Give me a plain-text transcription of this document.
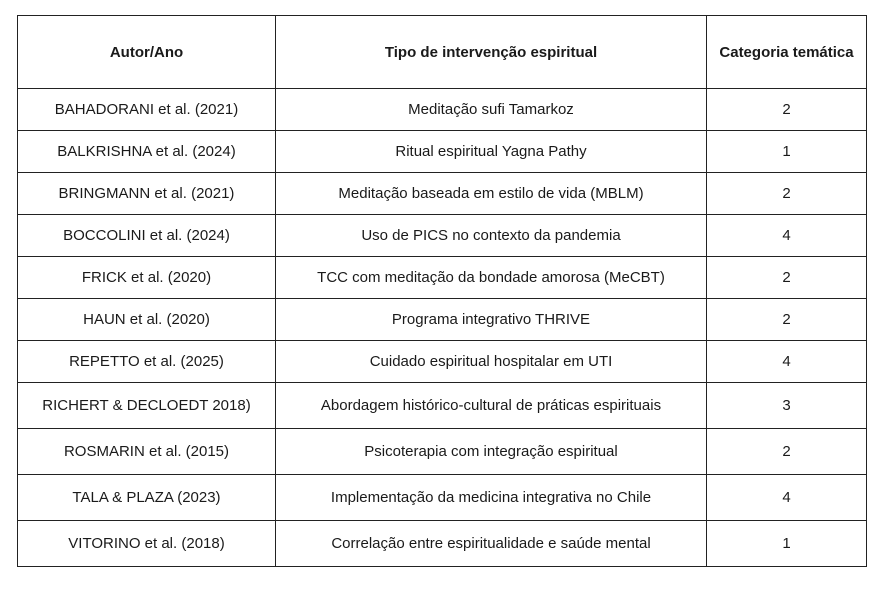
Autor/Ano	Tipo de intervenção espiritual	Categoria temática
BAHADORANI et al. (2021)	Meditação sufi Tamarkoz	2
BALKRISHNA et al. (2024)	Ritual espiritual Yagna Pathy	1
BRINGMANN et al. (2021)	Meditação baseada em estilo de vida (MBLM)	2
BOCCOLINI et al. (2024)	Uso de PICS no contexto da pandemia	4
FRICK et al. (2020)	TCC com meditação da bondade amorosa (MeCBT)	2
HAUN et al. (2020)	Programa integrativo THRIVE	2
REPETTO et al. (2025)	Cuidado espiritual hospitalar em UTI	4
RICHERT & DECLOEDT 2018)	Abordagem histórico-cultural de práticas espirituais	3
ROSMARIN et al. (2015)	Psicoterapia com integração espiritual	2
TALA & PLAZA (2023)	Implementação da medicina integrativa no Chile	4
VITORINO et al. (2018)	Correlação entre espiritualidade e saúde mental	1
